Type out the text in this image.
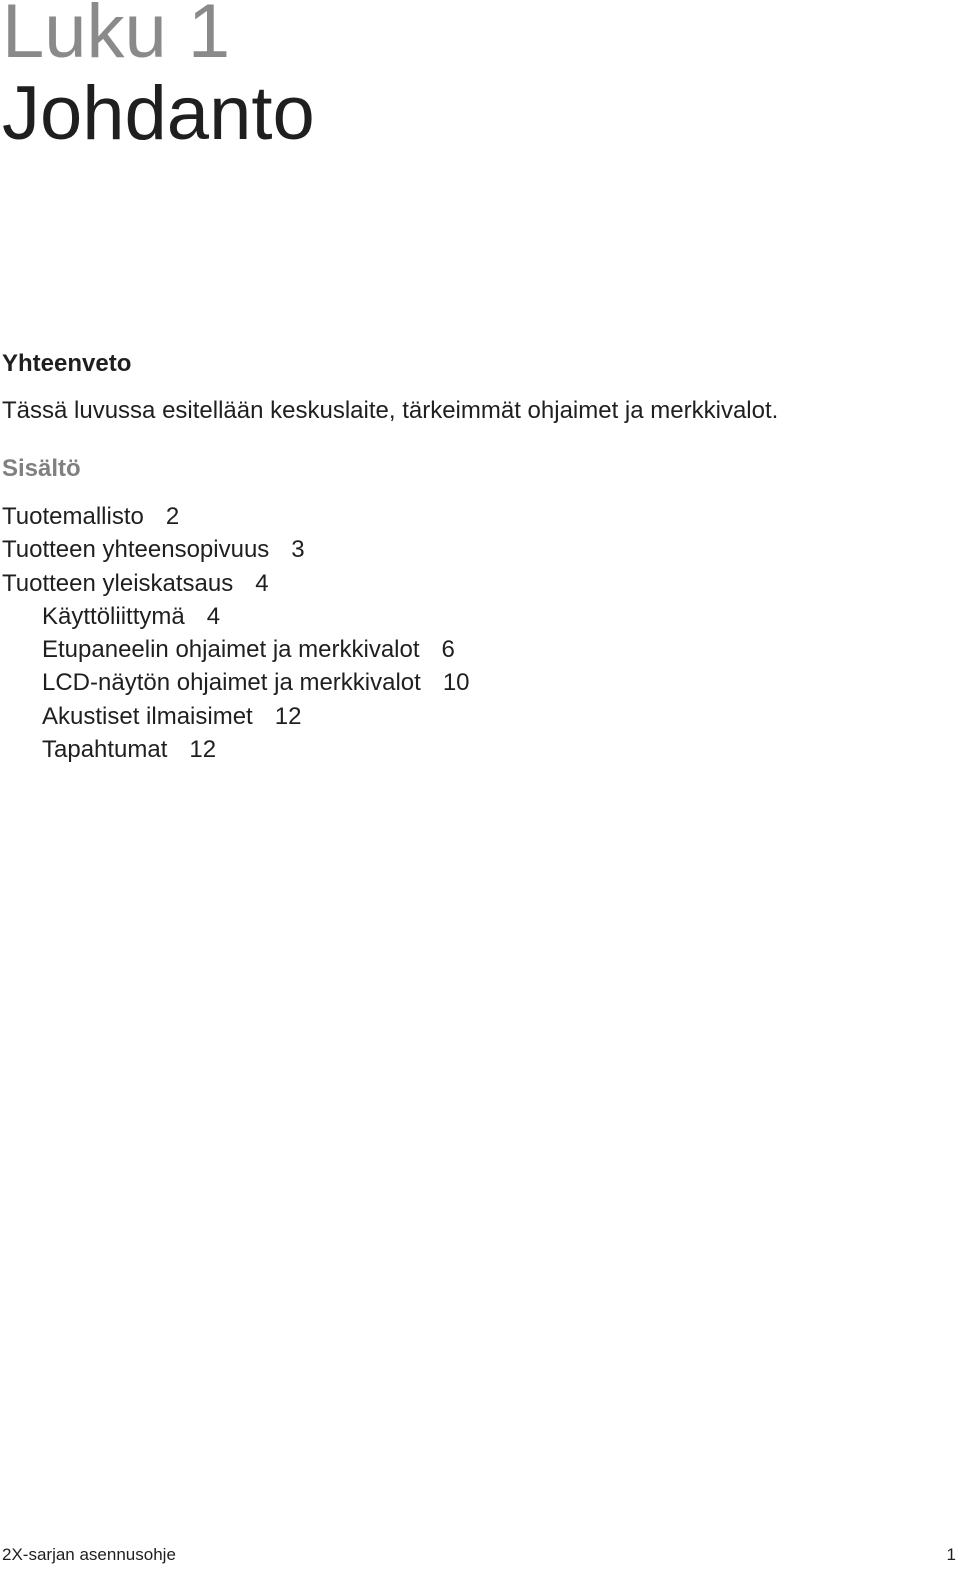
Luku 1
Johdanto
Yhteenveto
Tässä luvussa esitellään keskuslaite, tärkeimmät ohjaimet ja merkkivalot.
Sisältö
Tuotemallisto 2
Tuotteen yhteensopivuus 3
Tuotteen yleiskatsaus 4
Käyttöliittymä 4
Etupaneelin ohjaimet ja merkkivalot 6
LCD-näytön ohjaimet ja merkkivalot 10
Akustiset ilmaisimet 12
Tapahtumat 12
2X-sarjan asennusohje	1
